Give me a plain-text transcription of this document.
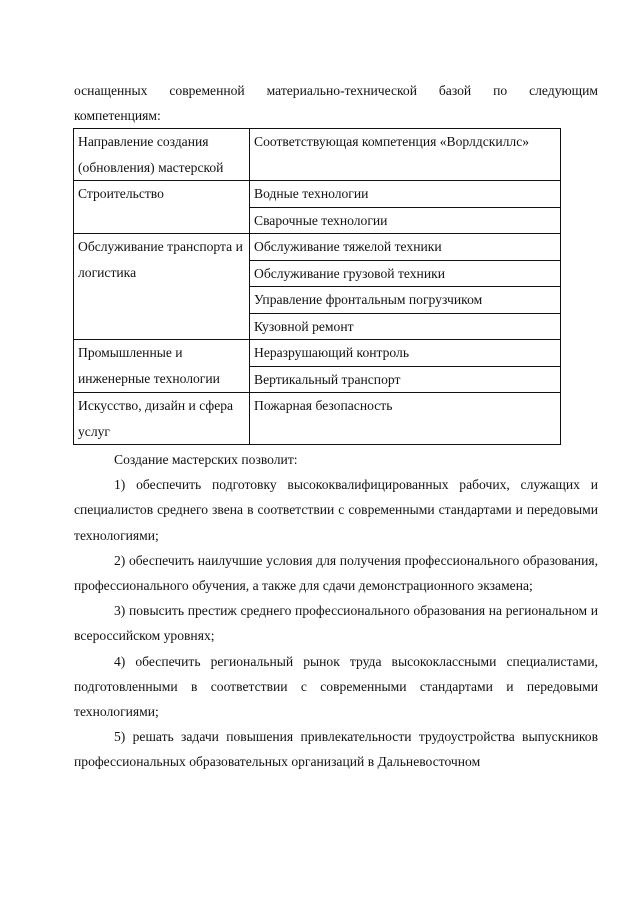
оснащенных современной материально-технической базой по следующим
компетенциям:

Направление создания (обновления) мастерской	Соответствующая компетенция «Ворлдскиллс»
Строительство	Водные технологии
	Сварочные технологии
Обслуживание транспорта и логистика	Обслуживание тяжелой техники
	Обслуживание грузовой техники
	Управление фронтальным погрузчиком
	Кузовной ремонт
Промышленные и инженерные технологии	Неразрушающий контроль
	Вертикальный транспорт
Искусство, дизайн и сфера услуг	Пожарная безопасность

Создание мастерских позволит:

1) обеспечить подготовку высококвалифицированных рабочих, служащих и специалистов среднего звена в соответствии с современными стандартами и передовыми технологиями;

2) обеспечить наилучшие условия для получения профессионального образования, профессионального обучения, а также для сдачи демонстрационного экзамена;

3) повысить престиж среднего профессионального образования на региональном и всероссийском уровнях;

4) обеспечить региональный рынок труда высококлассными специалистами, подготовленными в соответствии с современными стандартами и передовыми технологиями;

5) решать задачи повышения привлекательности трудоустройства выпускников профессиональных образовательных организаций в Дальневосточном
